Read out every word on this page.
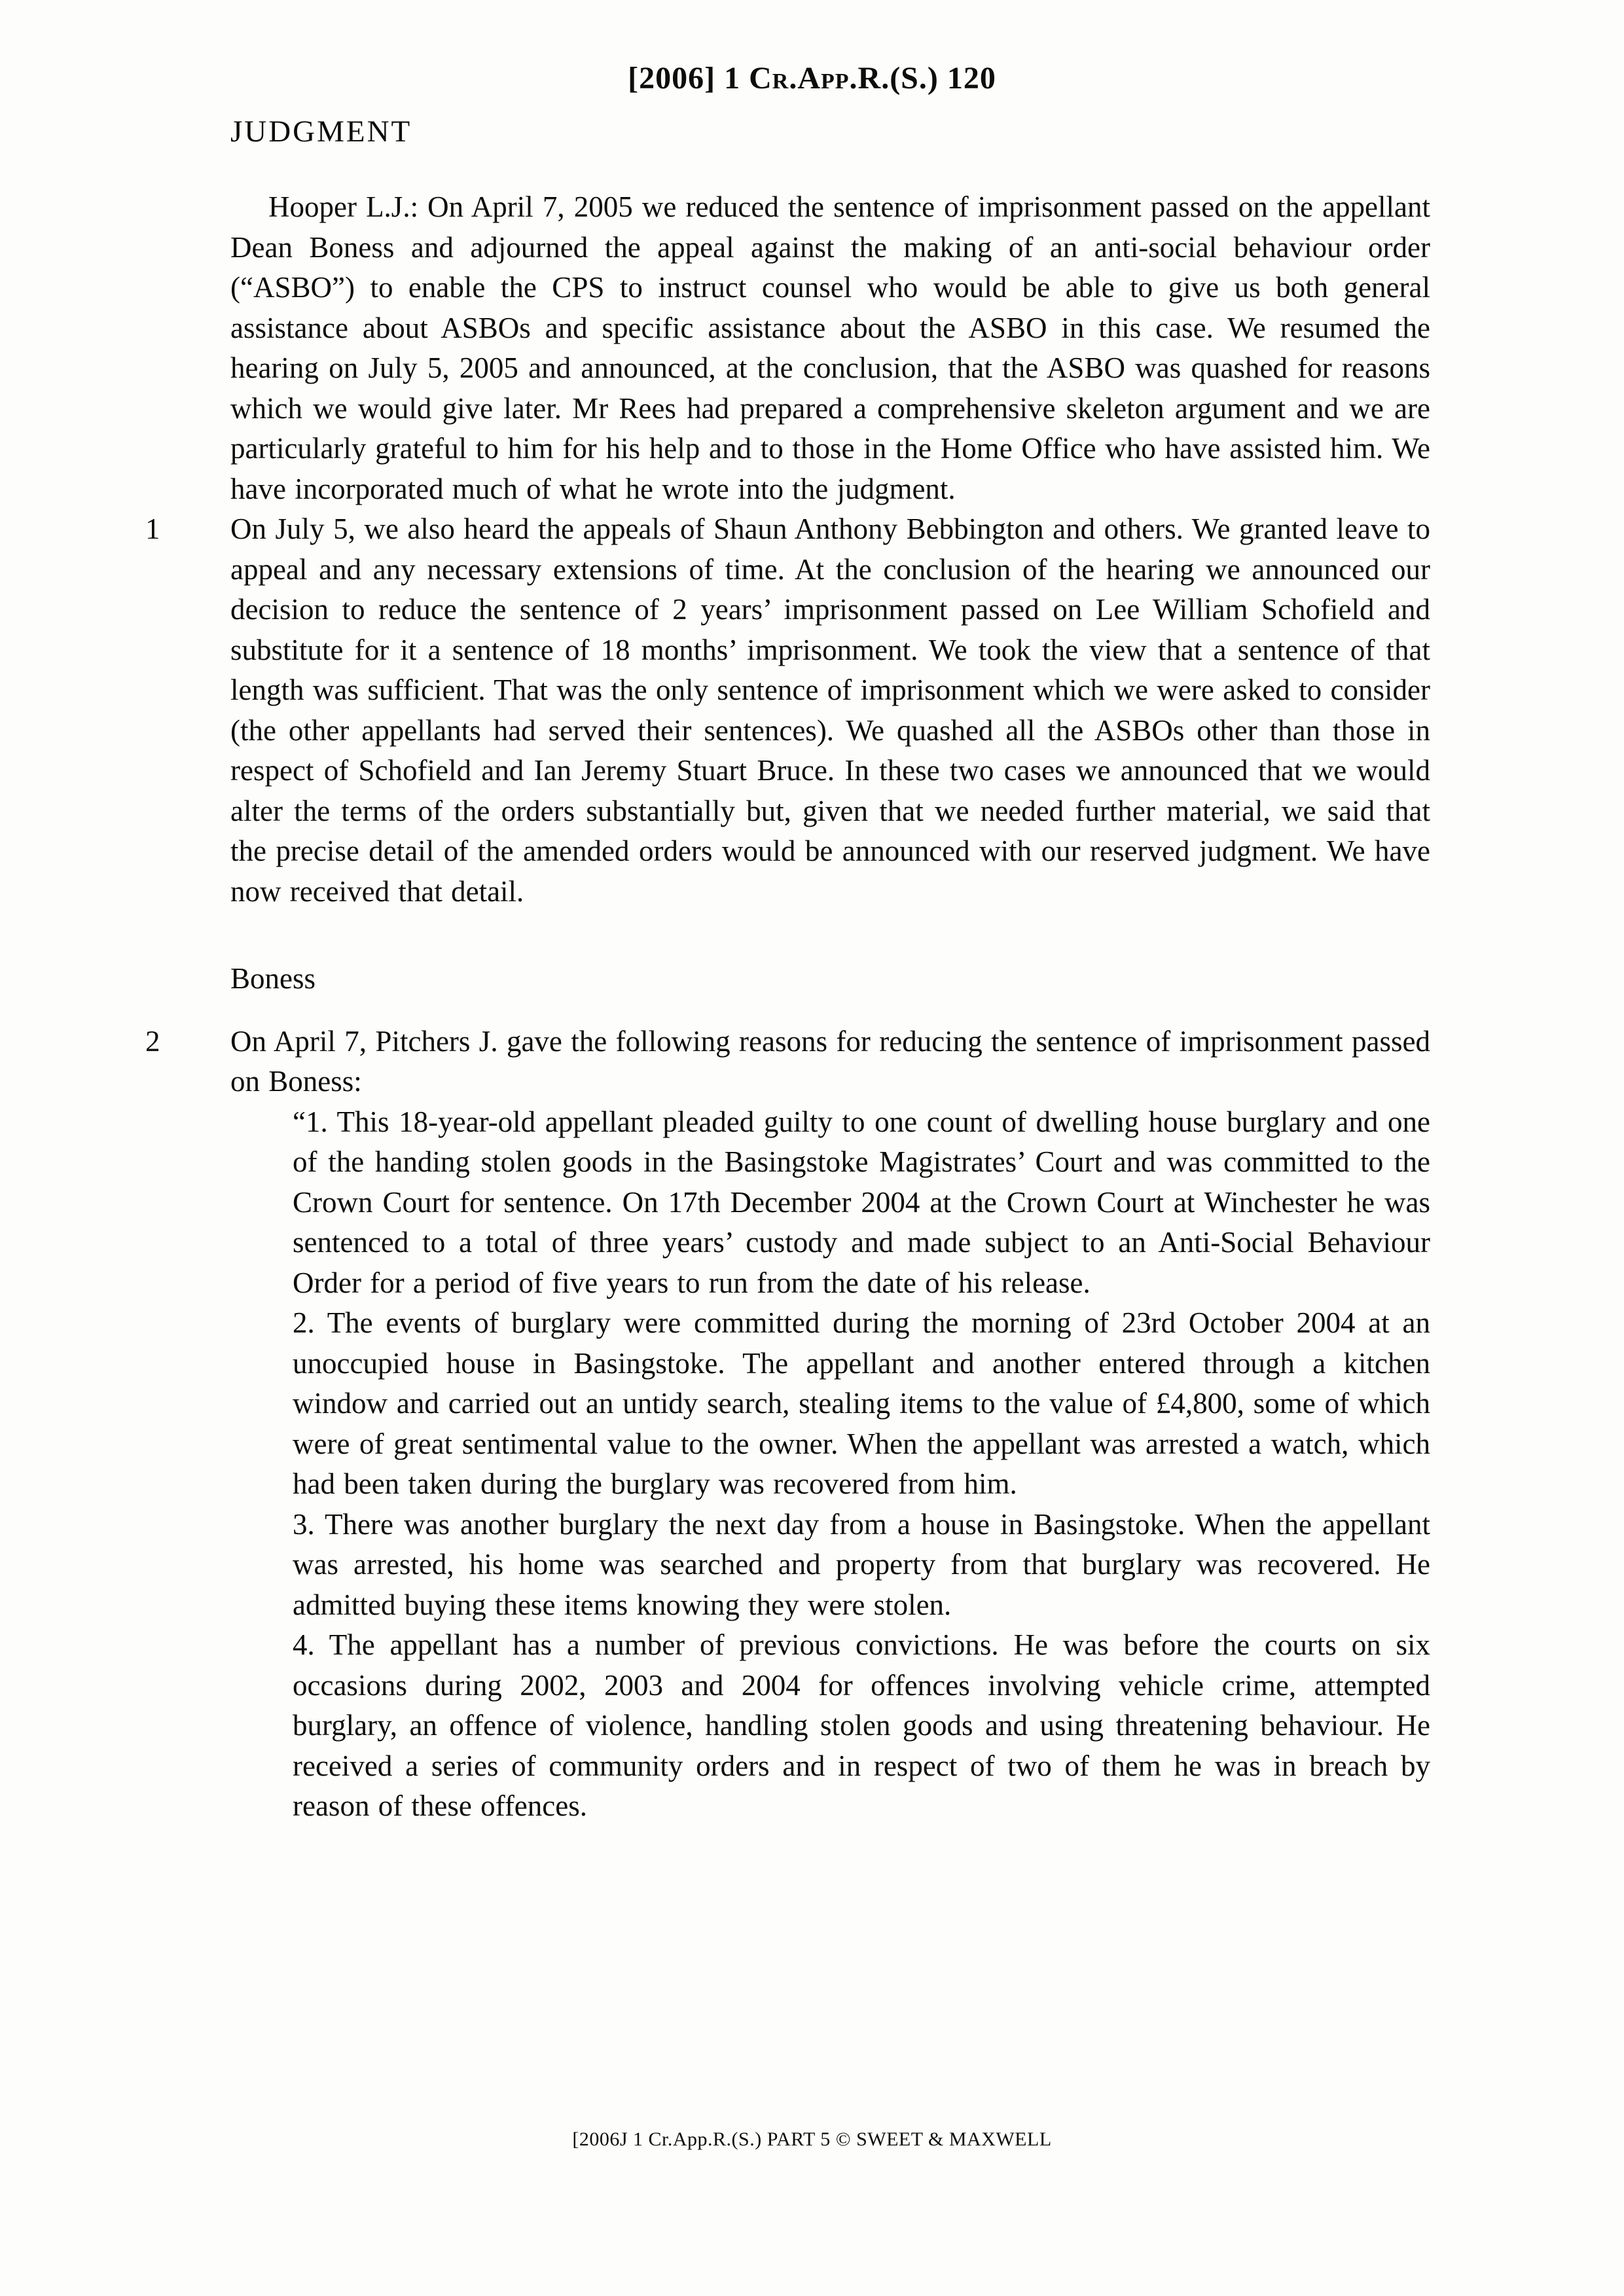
[2006] 1 Cr.App.R.(S.) 120
JUDGMENT

Hooper L.J.: On April 7, 2005 we reduced the sentence of imprisonment passed on the appellant Dean Boness and adjourned the appeal against the making of an anti-social behaviour order (“ASBO”) to enable the CPS to instruct counsel who would be able to give us both general assistance about ASBOs and specific assistance about the ASBO in this case. We resumed the hearing on July 5, 2005 and announced, at the conclusion, that the ASBO was quashed for reasons which we would give later. Mr Rees had prepared a comprehensive skeleton argument and we are particularly grateful to him for his help and to those in the Home Office who have assisted him. We have incorporated much of what he wrote into the judgment.

1	On July 5, we also heard the appeals of Shaun Anthony Bebbington and others. We granted leave to appeal and any necessary extensions of time. At the conclusion of the hearing we announced our decision to reduce the sentence of 2 years’ imprisonment passed on Lee William Schofield and substitute for it a sentence of 18 months’ imprisonment. We took the view that a sentence of that length was sufficient. That was the only sentence of imprisonment which we were asked to consider (the other appellants had served their sentences). We quashed all the ASBOs other than those in respect of Schofield and Ian Jeremy Stuart Bruce. In these two cases we announced that we would alter the terms of the orders substantially but, given that we needed further material, we said that the precise detail of the amended orders would be announced with our reserved judgment. We have now received that detail.

Boness

2	On April 7, Pitchers J. gave the following reasons for reducing the sentence of imprisonment passed on Boness:

“1. This 18-year-old appellant pleaded guilty to one count of dwelling house burglary and one of the handing stolen goods in the Basingstoke Magistrates’ Court and was committed to the Crown Court for sentence. On 17th December 2004 at the Crown Court at Winchester he was sentenced to a total of three years’ custody and made subject to an Anti-Social Behaviour Order for a period of five years to run from the date of his release.

2. The events of burglary were committed during the morning of 23rd October 2004 at an unoccupied house in Basingstoke. The appellant and another entered through a kitchen window and carried out an untidy search, stealing items to the value of £4,800, some of which were of great sentimental value to the owner. When the appellant was arrested a watch, which had been taken during the burglary was recovered from him.

3. There was another burglary the next day from a house in Basingstoke. When the appellant was arrested, his home was searched and property from that burglary was recovered. He admitted buying these items knowing they were stolen.

4. The appellant has a number of previous convictions. He was before the courts on six occasions during 2002, 2003 and 2004 for offences involving vehicle crime, attempted burglary, an offence of violence, handling stolen goods and using threatening behaviour. He received a series of community orders and in respect of two of them he was in breach by reason of these offences.

[2006J 1 Cr.App.R.(S.) PART 5 © SWEET & MAXWELL
